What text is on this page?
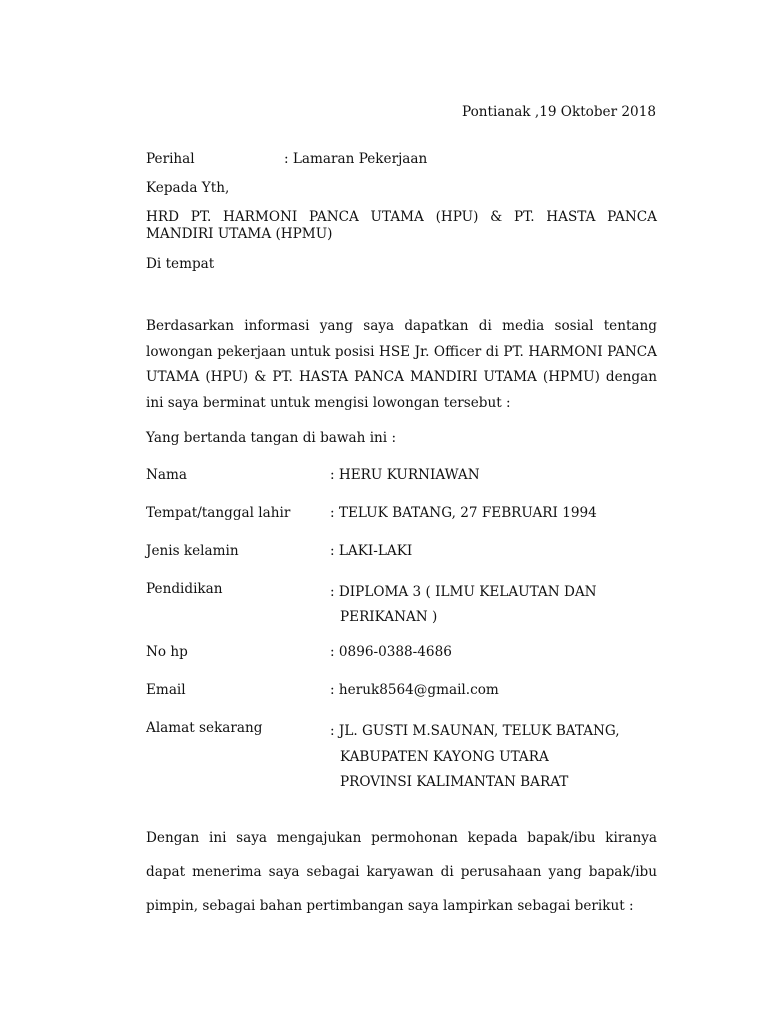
Pontianak ,19 Oktober 2018
Perihal	: Lamaran Pekerjaan
Kepada Yth,
HRD PT. HARMONI PANCA UTAMA (HPU) & PT. HASTA PANCA MANDIRI UTAMA (HPMU)
Di tempat
Berdasarkan informasi yang saya dapatkan di media sosial tentang lowongan pekerjaan untuk posisi HSE Jr. Officer di PT. HARMONI PANCA UTAMA (HPU) & PT. HASTA PANCA MANDIRI UTAMA (HPMU) dengan ini saya berminat untuk mengisi lowongan tersebut :
Yang bertanda tangan di bawah ini :
Nama	: HERU KURNIAWAN
Tempat/tanggal lahir	: TELUK BATANG, 27 FEBRUARI 1994
Jenis kelamin	: LAKI-LAKI
Pendidikan	: DIPLOMA 3 ( ILMU KELAUTAN DAN
PERIKANAN )
No hp	: 0896-0388-4686
Email	: heruk8564@gmail.com
Alamat sekarang	: JL. GUSTI M.SAUNAN, TELUK BATANG,
KABUPATEN KAYONG UTARA
PROVINSI KALIMANTAN BARAT
Dengan ini saya mengajukan permohonan kepada bapak/ibu kiranya dapat menerima saya sebagai karyawan di perusahaan yang bapak/ibu pimpin, sebagai bahan pertimbangan saya lampirkan sebagai berikut :
